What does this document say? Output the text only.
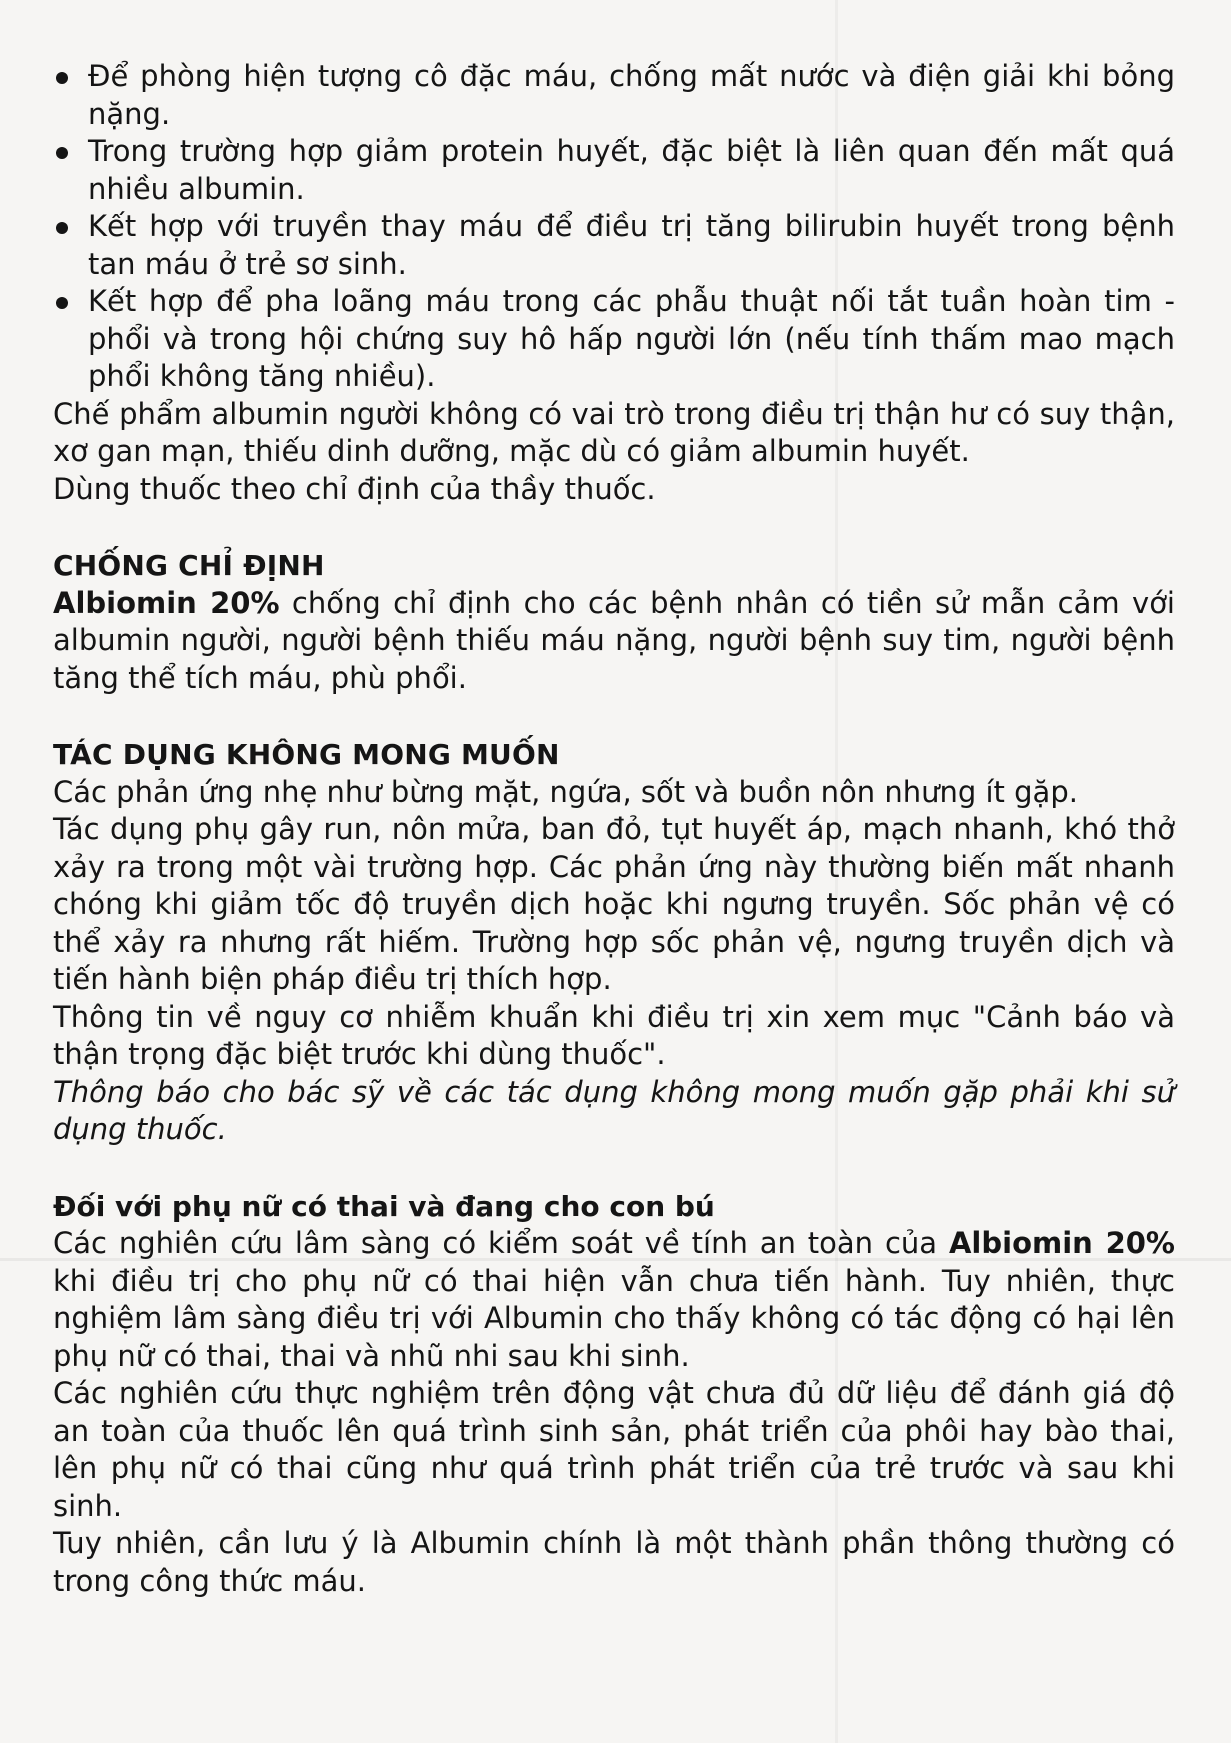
Để phòng hiện tượng cô đặc máu, chống mất nước và điện giải khi bỏng nặng.
Trong trường hợp giảm protein huyết, đặc biệt là liên quan đến mất quá nhiều albumin.
Kết hợp với truyền thay máu để điều trị tăng bilirubin huyết trong bệnh tan máu ở trẻ sơ sinh.
Kết hợp để pha loãng máu trong các phẫu thuật nối tắt tuần hoàn tim - phổi và trong hội chứng suy hô hấp người lớn (nếu tính thấm mao mạch phổi không tăng nhiều).

Chế phẩm albumin người không có vai trò trong điều trị thận hư có suy thận, xơ gan mạn, thiếu dinh dưỡng, mặc dù có giảm albumin huyết.

Dùng thuốc theo chỉ định của thầy thuốc.

CHỐNG CHỈ ĐỊNH

Albiomin 20% chống chỉ định cho các bệnh nhân có tiền sử mẫn cảm với albumin người, người bệnh thiếu máu nặng, người bệnh suy tim, người bệnh tăng thể tích máu, phù phổi.

TÁC DỤNG KHÔNG MONG MUỐN

Các phản ứng nhẹ như bừng mặt, ngứa, sốt và buồn nôn nhưng ít gặp.

Tác dụng phụ gây run, nôn mửa, ban đỏ, tụt huyết áp, mạch nhanh, khó thở xảy ra trong một vài trường hợp. Các phản ứng này thường biến mất nhanh chóng khi giảm tốc độ truyền dịch hoặc khi ngưng truyền. Sốc phản vệ có thể xảy ra nhưng rất hiếm. Trường hợp sốc phản vệ, ngưng truyền dịch và tiến hành biện pháp điều trị thích hợp.

Thông tin về nguy cơ nhiễm khuẩn khi điều trị xin xem mục "Cảnh báo và thận trọng đặc biệt trước khi dùng thuốc".

Thông báo cho bác sỹ về các tác dụng không mong muốn gặp phải khi sử dụng thuốc.

Đối với phụ nữ có thai và đang cho con bú

Các nghiên cứu lâm sàng có kiểm soát về tính an toàn của Albiomin 20% khi điều trị cho phụ nữ có thai hiện vẫn chưa tiến hành. Tuy nhiên, thực nghiệm lâm sàng điều trị với Albumin cho thấy không có tác động có hại lên phụ nữ có thai, thai và nhũ nhi sau khi sinh.

Các nghiên cứu thực nghiệm trên động vật chưa đủ dữ liệu để đánh giá độ an toàn của thuốc lên quá trình sinh sản, phát triển của phôi hay bào thai, lên phụ nữ có thai cũng như quá trình phát triển của trẻ trước và sau khi sinh.

Tuy nhiên, cần lưu ý là Albumin chính là một thành phần thông thường có trong công thức máu.
